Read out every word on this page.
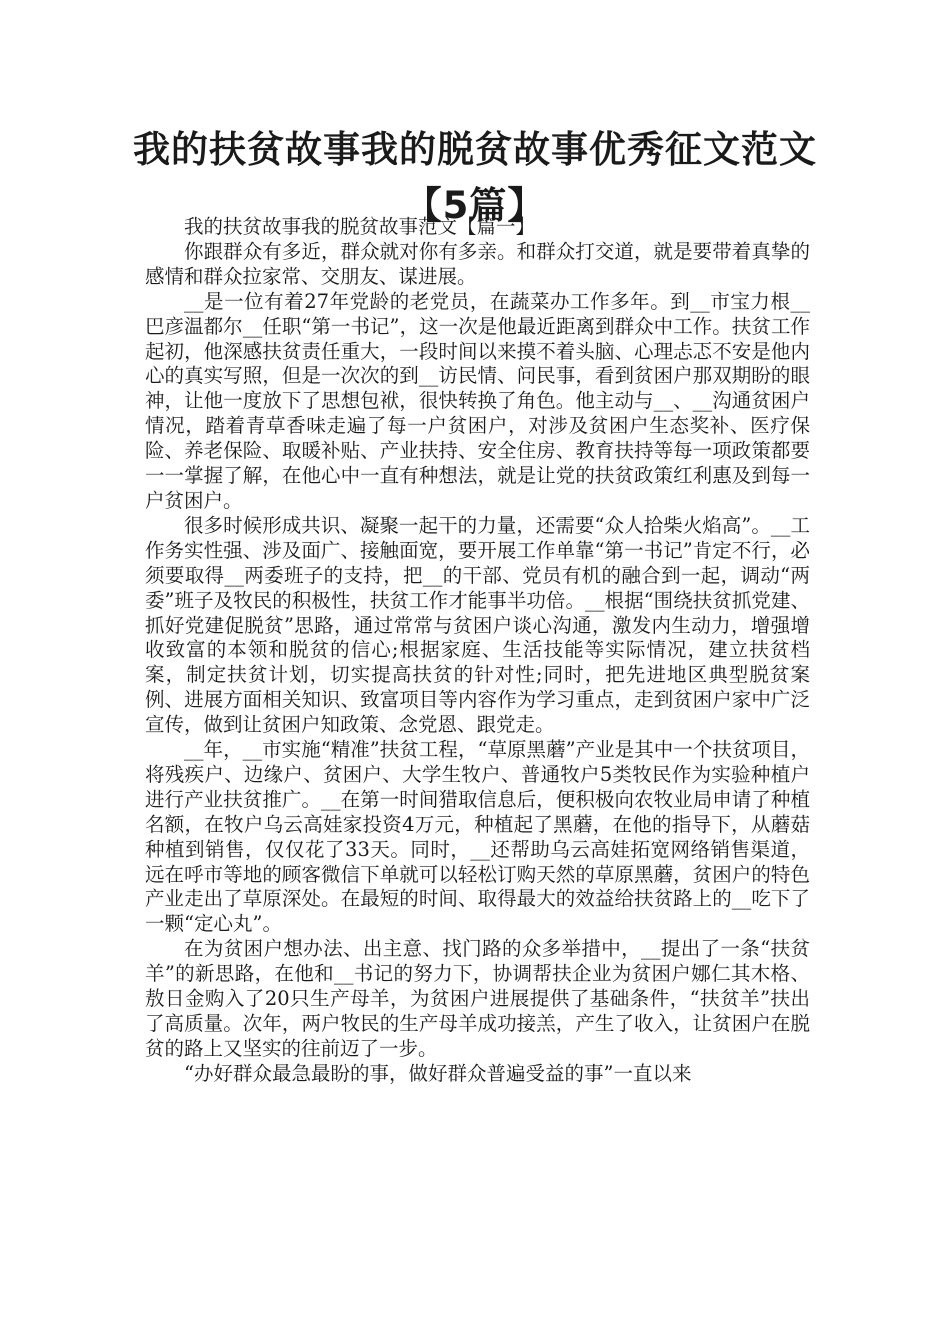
我的扶贫故事我的脱贫故事优秀征文范文【5篇】

我的扶贫故事我的脱贫故事范文【篇一】

你跟群众有多近，群众就对你有多亲。和群众打交道，就是要带着真挚的感情和群众拉家常、交朋友、谋进展。

__是一位有着27年党龄的老党员，在蔬菜办工作多年。到__市宝力根__巴彦温都尔__任职“第一书记”，这一次是他最近距离到群众中工作。扶贫工作起初，他深感扶贫责任重大，一段时间以来摸不着头脑、心理忐忑不安是他内心的真实写照，但是一次次的到__访民情、问民事，看到贫困户那双期盼的眼神，让他一度放下了思想包袱，很快转换了角色。他主动与__、__沟通贫困户情况，踏着青草香味走遍了每一户贫困户，对涉及贫困户生态奖补、医疗保险、养老保险、取暖补贴、产业扶持、安全住房、教育扶持等每一项政策都要一一掌握了解，在他心中一直有种想法，就是让党的扶贫政策红利惠及到每一户贫困户。

很多时候形成共识、凝聚一起干的力量，还需要“众人拾柴火焰高”。__工作务实性强、涉及面广、接触面宽，要开展工作单靠“第一书记”肯定不行，必须要取得__两委班子的支持，把__的干部、党员有机的融合到一起，调动“两委”班子及牧民的积极性，扶贫工作才能事半功倍。__根据“围绕扶贫抓党建、抓好党建促脱贫”思路，通过常常与贫困户谈心沟通，激发内生动力，增强增收致富的本领和脱贫的信心;根据家庭、生活技能等实际情况，建立扶贫档案，制定扶贫计划，切实提高扶贫的针对性;同时，把先进地区典型脱贫案例、进展方面相关知识、致富项目等内容作为学习重点，走到贫困户家中广泛宣传，做到让贫困户知政策、念党恩、跟党走。

__年，__市实施“精准”扶贫工程，“草原黑蘑”产业是其中一个扶贫项目，将残疾户、边缘户、贫困户、大学生牧户、普通牧户5类牧民作为实验种植户进行产业扶贫推广。__在第一时间猎取信息后，便积极向农牧业局申请了种植名额，在牧户乌云高娃家投资4万元，种植起了黑蘑，在他的指导下，从蘑菇种植到销售，仅仅花了33天。同时，__还帮助乌云高娃拓宽网络销售渠道，远在呼市等地的顾客微信下单就可以轻松订购天然的草原黑蘑，贫困户的特色产业走出了草原深处。在最短的时间、取得最大的效益给扶贫路上的__吃下了一颗“定心丸”。

在为贫困户想办法、出主意、找门路的众多举措中，__提出了一条“扶贫羊”的新思路，在他和__书记的努力下，协调帮扶企业为贫困户娜仁其木格、敖日金购入了20只生产母羊，为贫困户进展提供了基础条件，“扶贫羊”扶出了高质量。次年，两户牧民的生产母羊成功接羔，产生了收入，让贫困户在脱贫的路上又坚实的往前迈了一步。

“办好群众最急最盼的事，做好群众普遍受益的事”一直以来
